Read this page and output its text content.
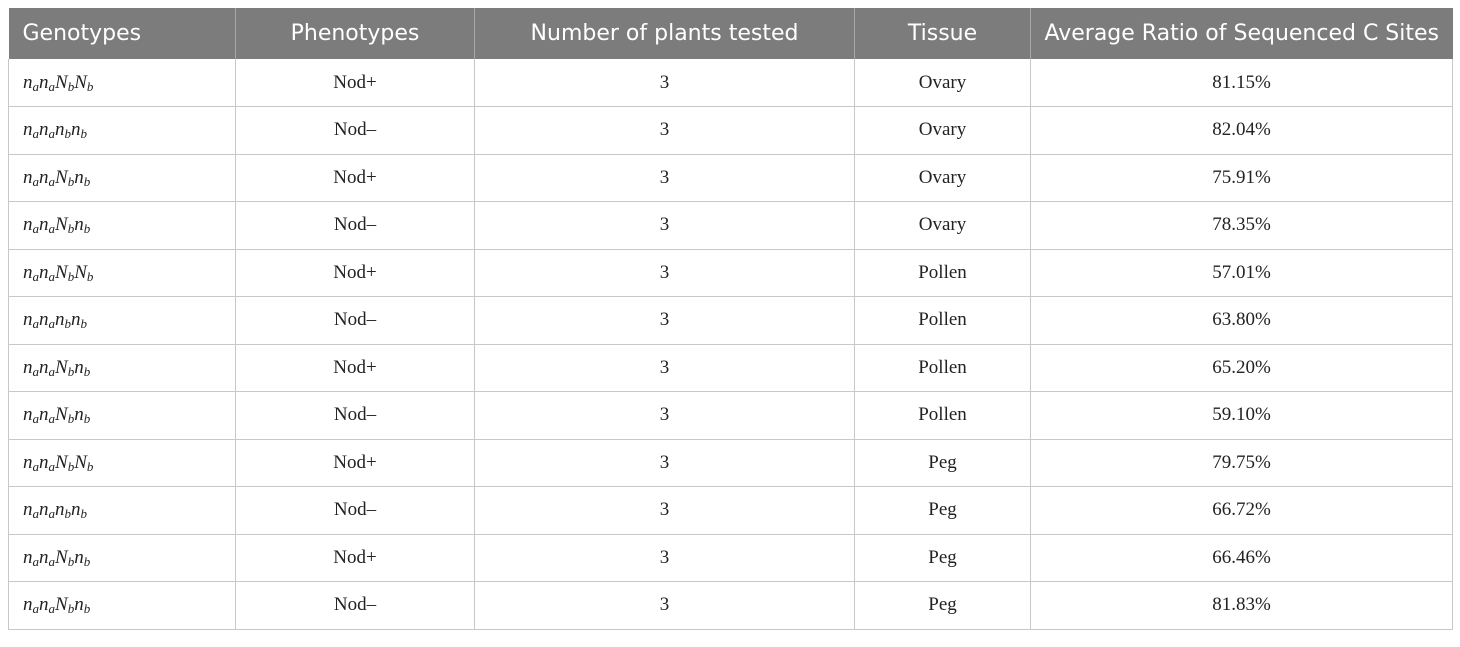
Genotypes	Phenotypes	Number of plants tested	Tissue	Average Ratio of Sequenced C Sites
$n_an_aN_bN_b$	Nod+	3	Ovary	81.15%
$n_an_an_bn_b$	Nod–	3	Ovary	82.04%
$n_an_aN_bn_b$	Nod+	3	Ovary	75.91%
$n_an_aN_bn_b$	Nod–	3	Ovary	78.35%
$n_an_aN_bN_b$	Nod+	3	Pollen	57.01%
$n_an_an_bn_b$	Nod–	3	Pollen	63.80%
$n_an_aN_bn_b$	Nod+	3	Pollen	65.20%
$n_an_aN_bn_b$	Nod–	3	Pollen	59.10%
$n_an_aN_bN_b$	Nod+	3	Peg	79.75%
$n_an_an_bn_b$	Nod–	3	Peg	66.72%
$n_an_aN_bn_b$	Nod+	3	Peg	66.46%
$n_an_aN_bn_b$	Nod–	3	Peg	81.83%
